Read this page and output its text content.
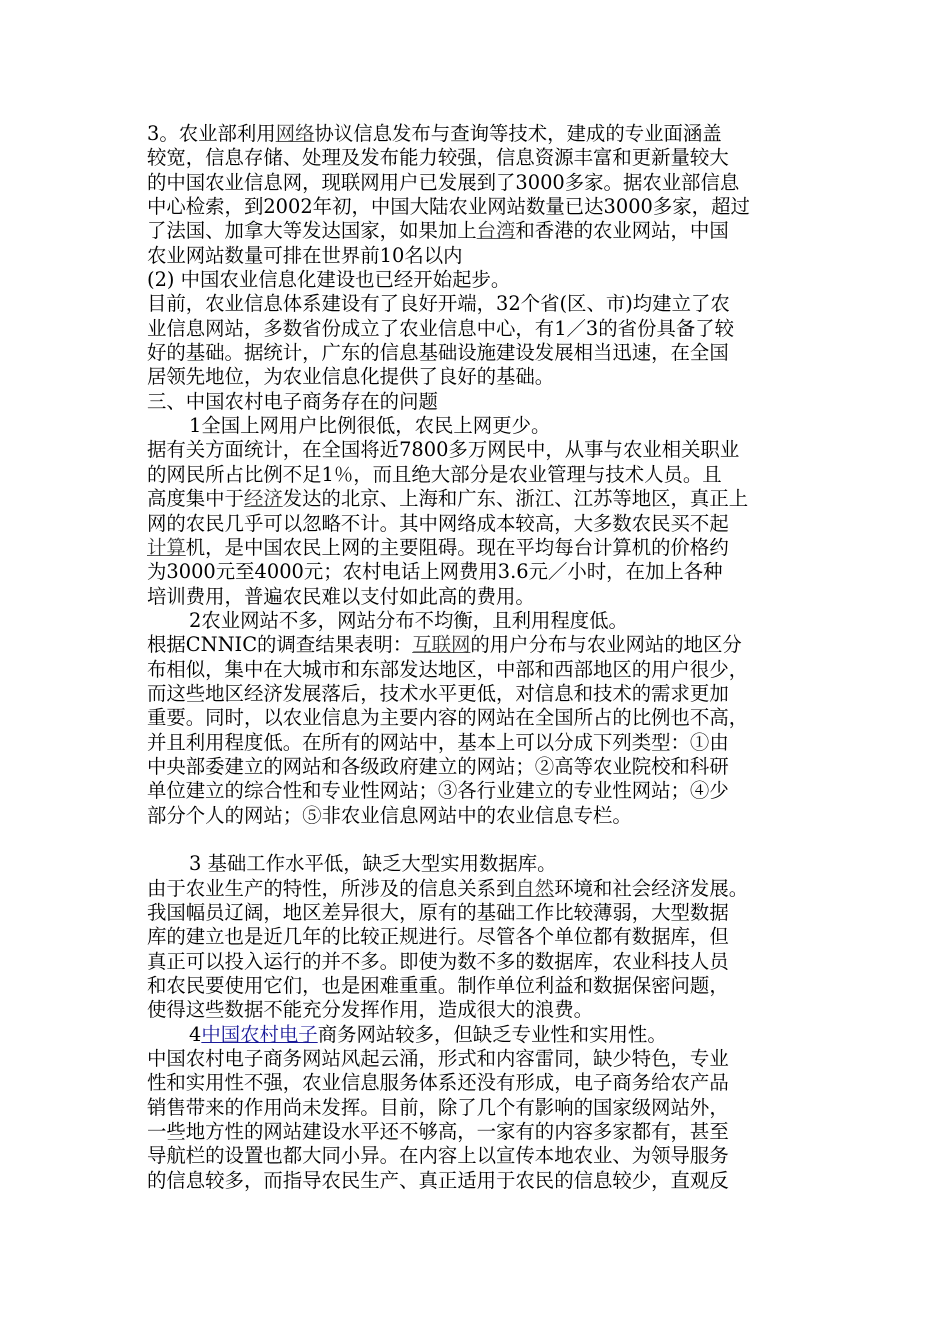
3。农业部利用网络协议信息发布与查询等技术，建成的专业面涵盖
较宽，信息存储、处理及发布能力较强，信息资源丰富和更新量较大
的中国农业信息网，现联网用户已发展到了3000多家。据农业部信息
中心检索，到2002年初，中国大陆农业网站数量已达3000多家，超过
了法国、加拿大等发达国家，如果加上台湾和香港的农业网站，中国
农业网站数量可排在世界前10名以内
(2) 中国农业信息化建设也已经开始起步。
目前，农业信息体系建设有了良好开端，32个省(区、市)均建立了农
业信息网站，多数省份成立了农业信息中心，有1／3的省份具备了较
好的基础。据统计，广东的信息基础设施建设发展相当迅速，在全国
居领先地位，为农业信息化提供了良好的基础。
三、中国农村电子商务存在的问题
1全国上网用户比例很低，农民上网更少。
据有关方面统计，在全国将近7800多万网民中，从事与农业相关职业
的网民所占比例不足1％，而且绝大部分是农业管理与技术人员。且
高度集中于经济发达的北京、上海和广东、浙江、江苏等地区，真正上
网的农民几乎可以忽略不计。其中网络成本较高，大多数农民买不起
计算机，是中国农民上网的主要阻碍。现在平均每台计算机的价格约
为3000元至4000元；农村电话上网费用3.6元／小时，在加上各种
培训费用，普遍农民难以支付如此高的费用。
2农业网站不多，网站分布不均衡，且利用程度低。
根据CNNIC的调查结果表明：互联网的用户分布与农业网站的地区分
布相似，集中在大城市和东部发达地区，中部和西部地区的用户很少，
而这些地区经济发展落后，技术水平更低，对信息和技术的需求更加
重要。同时，以农业信息为主要内容的网站在全国所占的比例也不高，
并且利用程度低。在所有的网站中，基本上可以分成下列类型：①由
中央部委建立的网站和各级政府建立的网站；②高等农业院校和科研
单位建立的综合性和专业性网站；③各行业建立的专业性网站；④少
部分个人的网站；⑤非农业信息网站中的农业信息专栏。
3 基础工作水平低，缺乏大型实用数据库。
由于农业生产的特性，所涉及的信息关系到自然环境和社会经济发展。
我国幅员辽阔，地区差异很大，原有的基础工作比较薄弱，大型数据
库的建立也是近几年的比较正规进行。尽管各个单位都有数据库，但
真正可以投入运行的并不多。即使为数不多的数据库，农业科技人员
和农民要使用它们，也是困难重重。制作单位利益和数据保密问题，
使得这些数据不能充分发挥作用，造成很大的浪费。
4中国农村电子商务网站较多，但缺乏专业性和实用性。
中国农村电子商务网站风起云涌，形式和内容雷同，缺少特色，专业
性和实用性不强，农业信息服务体系还没有形成，电子商务给农产品
销售带来的作用尚未发挥。目前，除了几个有影响的国家级网站外，
一些地方性的网站建设水平还不够高，一家有的内容多家都有，甚至
导航栏的设置也都大同小异。在内容上以宣传本地农业、为领导服务
的信息较多，而指导农民生产、真正适用于农民的信息较少，直观反
